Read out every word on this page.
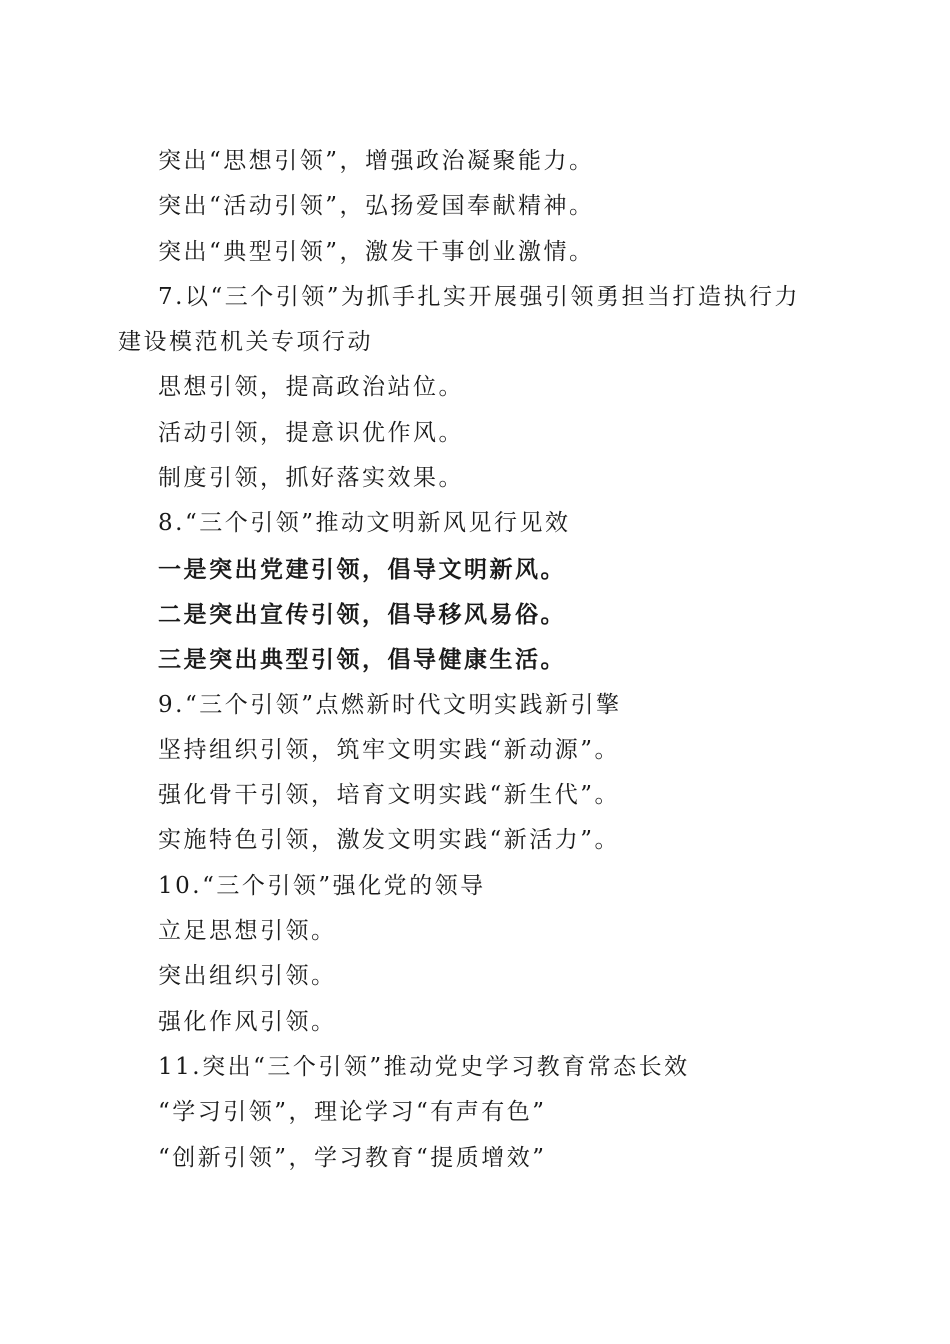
突出“思想引领”，增强政治凝聚能力。
突出“活动引领”，弘扬爱国奉献精神。
突出“典型引领”，激发干事创业激情。
7.以“三个引领”为抓手扎实开展强引领勇担当打造执行力
建设模范机关专项行动
思想引领，提高政治站位。
活动引领，提意识优作风。
制度引领，抓好落实效果。
8.“三个引领”推动文明新风见行见效
一是突出党建引领，倡导文明新风。
二是突出宣传引领，倡导移风易俗。
三是突出典型引领，倡导健康生活。
9.“三个引领”点燃新时代文明实践新引擎
坚持组织引领，筑牢文明实践“新动源”。
强化骨干引领，培育文明实践“新生代”。
实施特色引领，激发文明实践“新活力”。
10.“三个引领”强化党的领导
立足思想引领。
突出组织引领。
强化作风引领。
11.突出“三个引领”推动党史学习教育常态长效
“学习引领”，理论学习“有声有色”
“创新引领”，学习教育“提质增效”
